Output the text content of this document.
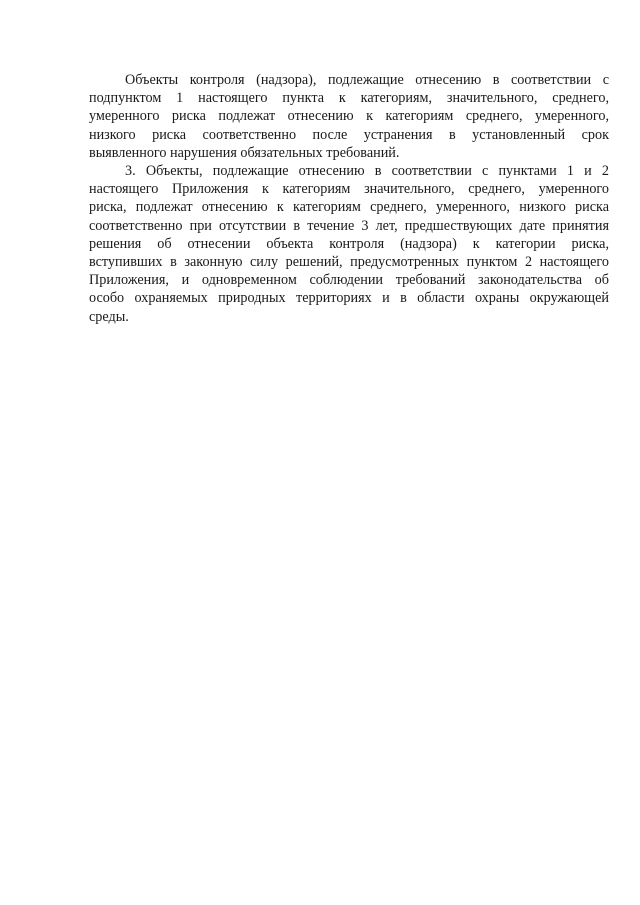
Объекты контроля (надзора), подлежащие отнесению в соответствии с
подпунктом 1 настоящего пункта к категориям, значительного, среднего,
умеренного риска подлежат отнесению к категориям среднего, умеренного,
низкого риска соответственно после устранения в установленный срок
выявленного нарушения обязательных требований.
3. Объекты, подлежащие отнесению в соответствии с пунктами 1 и 2
настоящего Приложения к категориям значительного, среднего, умеренного
риска, подлежат отнесению к категориям среднего, умеренного, низкого риска
соответственно при отсутствии в течение 3 лет, предшествующих дате принятия
решения об отнесении объекта контроля (надзора) к категории риска,
вступивших в законную силу решений, предусмотренных пунктом 2 настоящего
Приложения, и одновременном соблюдении требований законодательства об
особо охраняемых природных территориях и в области охраны окружающей
среды.
